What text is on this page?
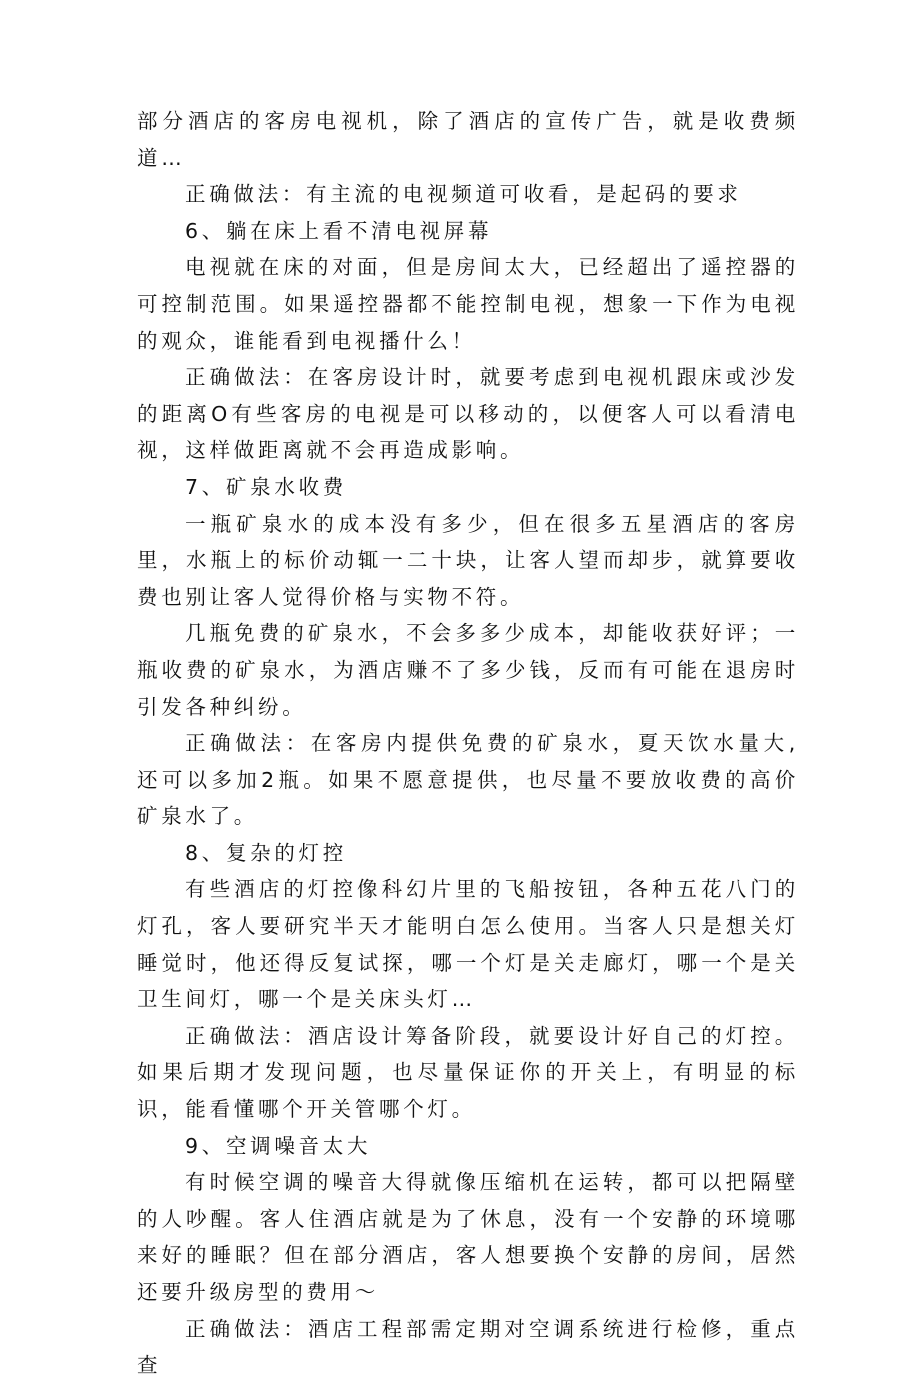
部分酒店的客房电视机，除了酒店的宣传广告，就是收费频道…

正确做法：有主流的电视频道可收看，是起码的要求

6、躺在床上看不清电视屏幕

电视就在床的对面，但是房间太大，已经超出了遥控器的可控制范围。如果遥控器都不能控制电视，想象一下作为电视的观众，谁能看到电视播什么！

正确做法：在客房设计时，就要考虑到电视机跟床或沙发的距离O有些客房的电视是可以移动的，以便客人可以看清电视，这样做距离就不会再造成影响。

7、矿泉水收费

一瓶矿泉水的成本没有多少，但在很多五星酒店的客房里，水瓶上的标价动辄一二十块，让客人望而却步，就算要收费也别让客人觉得价格与实物不符。

几瓶免费的矿泉水，不会多多少成本，却能收获好评；一瓶收费的矿泉水，为酒店赚不了多少钱，反而有可能在退房时引发各种纠纷。

正确做法：在客房内提供免费的矿泉水，夏天饮水量大,还可以多加2瓶。如果不愿意提供，也尽量不要放收费的高价矿泉水了。

8、复杂的灯控

有些酒店的灯控像科幻片里的飞船按钮，各种五花八门的灯孔，客人要研究半天才能明白怎么使用。当客人只是想关灯睡觉时，他还得反复试探，哪一个灯是关走廊灯，哪一个是关卫生间灯，哪一个是关床头灯…

正确做法：酒店设计筹备阶段，就要设计好自己的灯控。如果后期才发现问题，也尽量保证你的开关上，有明显的标识，能看懂哪个开关管哪个灯。

9、空调噪音太大

有时候空调的噪音大得就像压缩机在运转，都可以把隔壁的人吵醒。客人住酒店就是为了休息，没有一个安静的环境哪来好的睡眠？但在部分酒店，客人想要换个安静的房间，居然还要升级房型的费用〜

正确做法：酒店工程部需定期对空调系统进行检修，重点查
